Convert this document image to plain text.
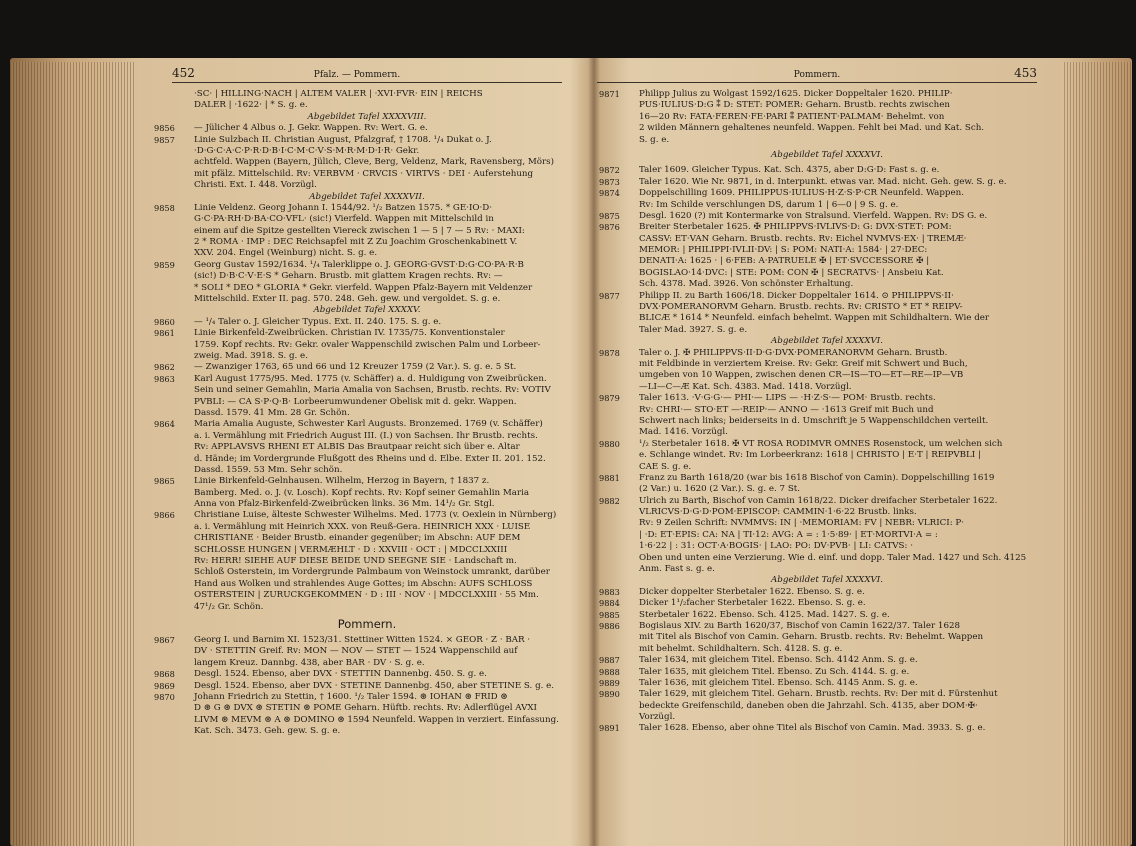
452	Pfalz. — Pommern.
·SC· | HILLING·NACH | ALTEM VALER | ·XVI·FVR· EIN | REICHS
DALER | ·1622· | * S. g. e.
Abgebildet Tafel XXXXVIII.
9856 — Jülicher 4 Albus o. J. Gekr. Wappen. Rv: Wert. G. e.
9857 Linie Sulzbach II. Christian August, Pfalzgraf, † 1708. ¹/₄ Dukat o. J.
·D·G·C·A·C·P·R·D·B·I·C·M·C·V·S·M·R·M·D·I·R· Gekr.
achtfeld. Wappen (Bayern, Jülich, Cleve, Berg, Veldenz, Mark, Ravensberg, Mörs)
mit pfälz. Mittelschild. Rv: VERBVM · CRVCIS · VIRTVS · DEI · Auferstehung
Christi. Ext. I. 448. Vorzügl.
Abgebildet Tafel XXXXVII.
9858 Linie Veldenz. Georg Johann I. 1544/92. ¹/₂ Batzen 1575. * GE·IO·D·
G·C·PA·RH·D·BA·CO·VFL· (sic!) Vierfeld. Wappen mit Mittelschild in
einem auf die Spitze gestellten Viereck zwischen 1 — 5 | 7 — 5 Rv: · MAXI:
2 * ROMA · IMP : DEC Reichsapfel mit Z Zu Joachim Groschenkabinett V.
XXV. 204. Engel (Weinburg) nicht. S. g. e.
9859 Georg Gustav 1592/1634. ¹/₄ Talerklippe o. J. GEORG·GVST·D:G·CO·PA·R·B
(sic!) D·B·C·V·E·S * Geharn. Brustb. mit glattem Kragen rechts. Rv: —
* SOLI * DEO * GLORIA * Gekr. vierfeld. Wappen Pfalz-Bayern mit Veldenzer
Mittelschild. Exter II. pag. 570. 248. Geh. gew. und vergoldet. S. g. e.
Abgebildet Tafel XXXXV.
9860 — ¹/₄ Taler o. J. Gleicher Typus. Ext. II. 240. 175. S. g. e.
9861 Linie Birkenfeld-Zweibrücken. Christian IV. 1735/75. Konventionstaler
1759. Kopf rechts. Rv: Gekr. ovaler Wappenschild zwischen Palm und Lorbeer-
zweig. Mad. 3918. S. g. e.
9862 — Zwanziger 1763, 65 und 66 und 12 Kreuzer 1759 (2 Var.). S. g. e. 5 St.
9863 Karl August 1775/95. Med. 1775 (v. Schäffer) a. d. Huldigung von Zweibrücken.
Sein und seiner Gemahlin, Maria Amalia von Sachsen, Brustb. rechts. Rv: VOTIV
PVBLI: — CA S·P·Q·B· Lorbeerumwundener Obelisk mit d. gekr. Wappen.
Dassd. 1579. 41 Mm. 28 Gr. Schön.
9864 Maria Amalia Auguste, Schwester Karl Augusts. Bronzemed. 1769 (v. Schäffer)
a. i. Vermählung mit Friedrich August III. (I.) von Sachsen. Ihr Brustb. rechts.
Rv: APPLAVSVS RHENI ET ALBIS Das Brautpaar reicht sich über e. Altar
d. Hände; im Vordergrunde Flußgott des Rheins und d. Elbe. Exter II. 201. 152.
Dassd. 1559. 53 Mm. Sehr schön.
9865 Linie Birkenfeld-Gelnhausen. Wilhelm, Herzog in Bayern, † 1837 z.
Bamberg. Med. o. J. (v. Losch). Kopf rechts. Rv: Kopf seiner Gemahlin Maria
Anna von Pfalz-Birkenfeld-Zweibrücken links. 36 Mm. 14¹/₂ Gr. Stgl.
9866 Christiane Luise, älteste Schwester Wilhelms. Med. 1773 (v. Oexlein in Nürnberg)
a. i. Vermählung mit Heinrich XXX. von Reuß-Gera. HEINRICH XXX · LUISE
CHRISTIANE · Beider Brustb. einander gegenüber; im Abschn: AUF DEM
SCHLOSSE HUNGEN | VERMÆHLT · D : XXVIII · OCT : | MDCCLXXIII
Rv: HERR! SIEHE AUF DIESE BEIDE UND SEEGNE SIE · Landschaft m.
Schloß Osterstein, im Vordergrunde Palmbaum von Weinstock umrankt, darüber
Hand aus Wolken und strahlendes Auge Gottes; im Abschn: AUFS SCHLOSS
OSTERSTEIN | ZURUCKGEKOMMEN · D : III · NOV · | MDCCLXXIII · 55 Mm.
47¹/₂ Gr. Schön.
Pommern.
9867 Georg I. und Barnim XI. 1523/31. Stettiner Witten 1524. × GEOR · Z · BAR ·
DV · STETTIN Greif. Rv: MON — NOV — STET — 1524 Wappenschild auf
langem Kreuz. Dannbg. 438, aber BAR · DV · S. g. e.
9868 Desgl. 1524. Ebenso, aber DVX · STETTIN Dannenbg. 450. S. g. e.
9869 Desgl. 1524. Ebenso, aber DVX · STETINE Dannenbg. 450, aber STETINE S. g. e.
9870 Johann Friedrich zu Stettin, † 1600. ¹/₂ Taler 1594. ⊛ IOHAN ⊛ FRID ⊛
D ⊛ G ⊛ DVX ⊛ STETIN ⊛ POME Geharn. Hüftb. rechts. Rv: Adlerflügel AVXI
LIVM ⊛ MEVM ⊛ A ⊛ DOMINO ⊛ 1594 Neunfeld. Wappen in verziert. Einfassung.
Kat. Sch. 3473. Geh. gew. S. g. e.
Pommern.	453
9871 Philipp Julius zu Wolgast 1592/1625. Dicker Doppeltaler 1620. PHILIP·
PUS·IULIUS·D:G ⁑ D: STET: POMER: Geharn. Brustb. rechts zwischen
16—20 Rv: FATA·FEREN·FE·PARI ⁑ PATIENT·PALMAM· Behelmt. von
2 wilden Männern gehaltenes neunfeld. Wappen. Fehlt bei Mad. und Kat. Sch.
S. g. e.
Abgebildet Tafel XXXXVI.
9872 Taler 1609. Gleicher Typus. Kat. Sch. 4375, aber D:G·D: Fast s. g. e.
9873 Taler 1620. Wie Nr. 9871, in d. Interpunkt. etwas var. Mad. nicht. Geh. gew. S. g. e.
9874 Doppelschilling 1609. PHILIPPUS·IULIUS·H·Z·S·P·CR Neunfeld. Wappen.
Rv: Im Schilde verschlungen DS, darum 1 | 6—0 | 9 S. g. e.
9875 Desgl. 1620 (?) mit Kontermarke von Stralsund. Vierfeld. Wappen. Rv: DS G. e.
9876 Breiter Sterbetaler 1625. ✠ PHILIPPVS·IVLIVS·D: G: DVX·STET: POM:
CASSV: ET·VAN Geharn. Brustb. rechts. Rv: Eichel NVMVS·EX· | TREMÆ·
MEMOR: | PHILIPPI·IVLII·DV: | S: POM: NATI·A: 1584· | 27·DEC:
DENATI·A: 1625 · | 6·FEB: A·PATRUELE ✠ | ET·SVCCESSORE ✠ |
BOGISLAO·14·DVC: | STE: POM: CON ✠ | SECRATVS· | Ansbeiu Kat.
Sch. 4378. Mad. 3926. Von schönster Erhaltung.
9877 Philipp II. zu Barth 1606/18. Dicker Doppeltaler 1614. ⊙ PHILIPPVS·II·
DVX·POMERANORVM Geharn. Brustb. rechts. Rv: CRISTO * ET * REIPV-
BLICÆ * 1614 * Neunfeld. einfach behelmt. Wappen mit Schildhaltern. Wie der
Taler Mad. 3927. S. g. e.
Abgebildet Tafel XXXXVI.
9878 Taler o. J. ✠ PHILIPPVS·II·D·G·DVX·POMERANORVM Geharn. Brustb.
mit Feldbinde in verziertem Kreise. Rv: Gekr. Greif mit Schwert und Buch,
umgeben von 10 Wappen, zwischen denen CR—IS—TO—ET—RE—IP—VB
—LI—C—Æ Kat. Sch. 4383. Mad. 1418. Vorzügl.
9879 Taler 1613. ·V·G·G·— PHI·— LIPS — ·H·Z·S·— POM· Brustb. rechts.
Rv: CHRI·— STO·ET —·REIP·— ANNO — ·1613 Greif mit Buch und
Schwert nach links; beiderseits in d. Umschrift je 5 Wappenschildchen verteilt.
Mad. 1416. Vorzügl.
9880 ¹/₂ Sterbetaler 1618. ✠ VT ROSA RODIMVR OMNES Rosenstock, um welchen sich
e. Schlange windet. Rv: Im Lorbeerkranz: 1618 | CHRISTO | E·T | REIPVBLI |
CAE S. g. e.
9881 Franz zu Barth 1618/20 (war bis 1618 Bischof von Camin). Doppelschilling 1619
(2 Var.) u. 1620 (2 Var.). S. g. e. 7 St.
9882 Ulrich zu Barth, Bischof von Camin 1618/22. Dicker dreifacher Sterbetaler 1622.
VLRICVS·D·G·D·POM·EPISCOP: CAMMIN·1·6·22 Brustb. links.
Rv: 9 Zeilen Schrift: NVMMVS: IN | ·MEMORIAM: FV | NEBR: VLRICI: P·
| ·D: ET·EPIS: CA: NA | TI·12: AVG: A = : 1·5·89· | ET·MORTVI·A = :
1·6·22 | : 31: OCT·A·BOGIS· | LAO: PO: DV·PVB· | LI: CATVS: ·
Oben und unten eine Verzierung. Wie d. einf. und dopp. Taler Mad. 1427 und Sch. 4125
Anm. Fast s. g. e.
Abgebildet Tafel XXXXVI.
9883 Dicker doppelter Sterbetaler 1622. Ebenso. S. g. e.
9884 Dicker 1¹/₂facher Sterbetaler 1622. Ebenso. S. g. e.
9885 Sterbetaler 1622. Ebenso. Sch. 4125. Mad. 1427. S. g. e.
9886 Bogislaus XIV. zu Barth 1620/37, Bischof von Camin 1622/37. Taler 1628
mit Titel als Bischof von Camin. Geharn. Brustb. rechts. Rv: Behelmt. Wappen
mit behelmt. Schildhaltern. Sch. 4128. S. g. e.
9887 Taler 1634, mit gleichem Titel. Ebenso. Sch. 4142 Anm. S. g. e.
9888 Taler 1635, mit gleichem Titel. Ebenso. Zu Sch. 4144. S. g. e.
9889 Taler 1636, mit gleichem Titel. Ebenso. Sch. 4145 Anm. S. g. e.
9890 Taler 1629, mit gleichem Titel. Geharn. Brustb. rechts. Rv: Der mit d. Fürstenhut
bedeckte Greifenschild, daneben oben die Jahrzahl. Sch. 4135, aber DOM·✠·
Vorzügl.
9891 Taler 1628. Ebenso, aber ohne Titel als Bischof von Camin. Mad. 3933. S. g. e.
